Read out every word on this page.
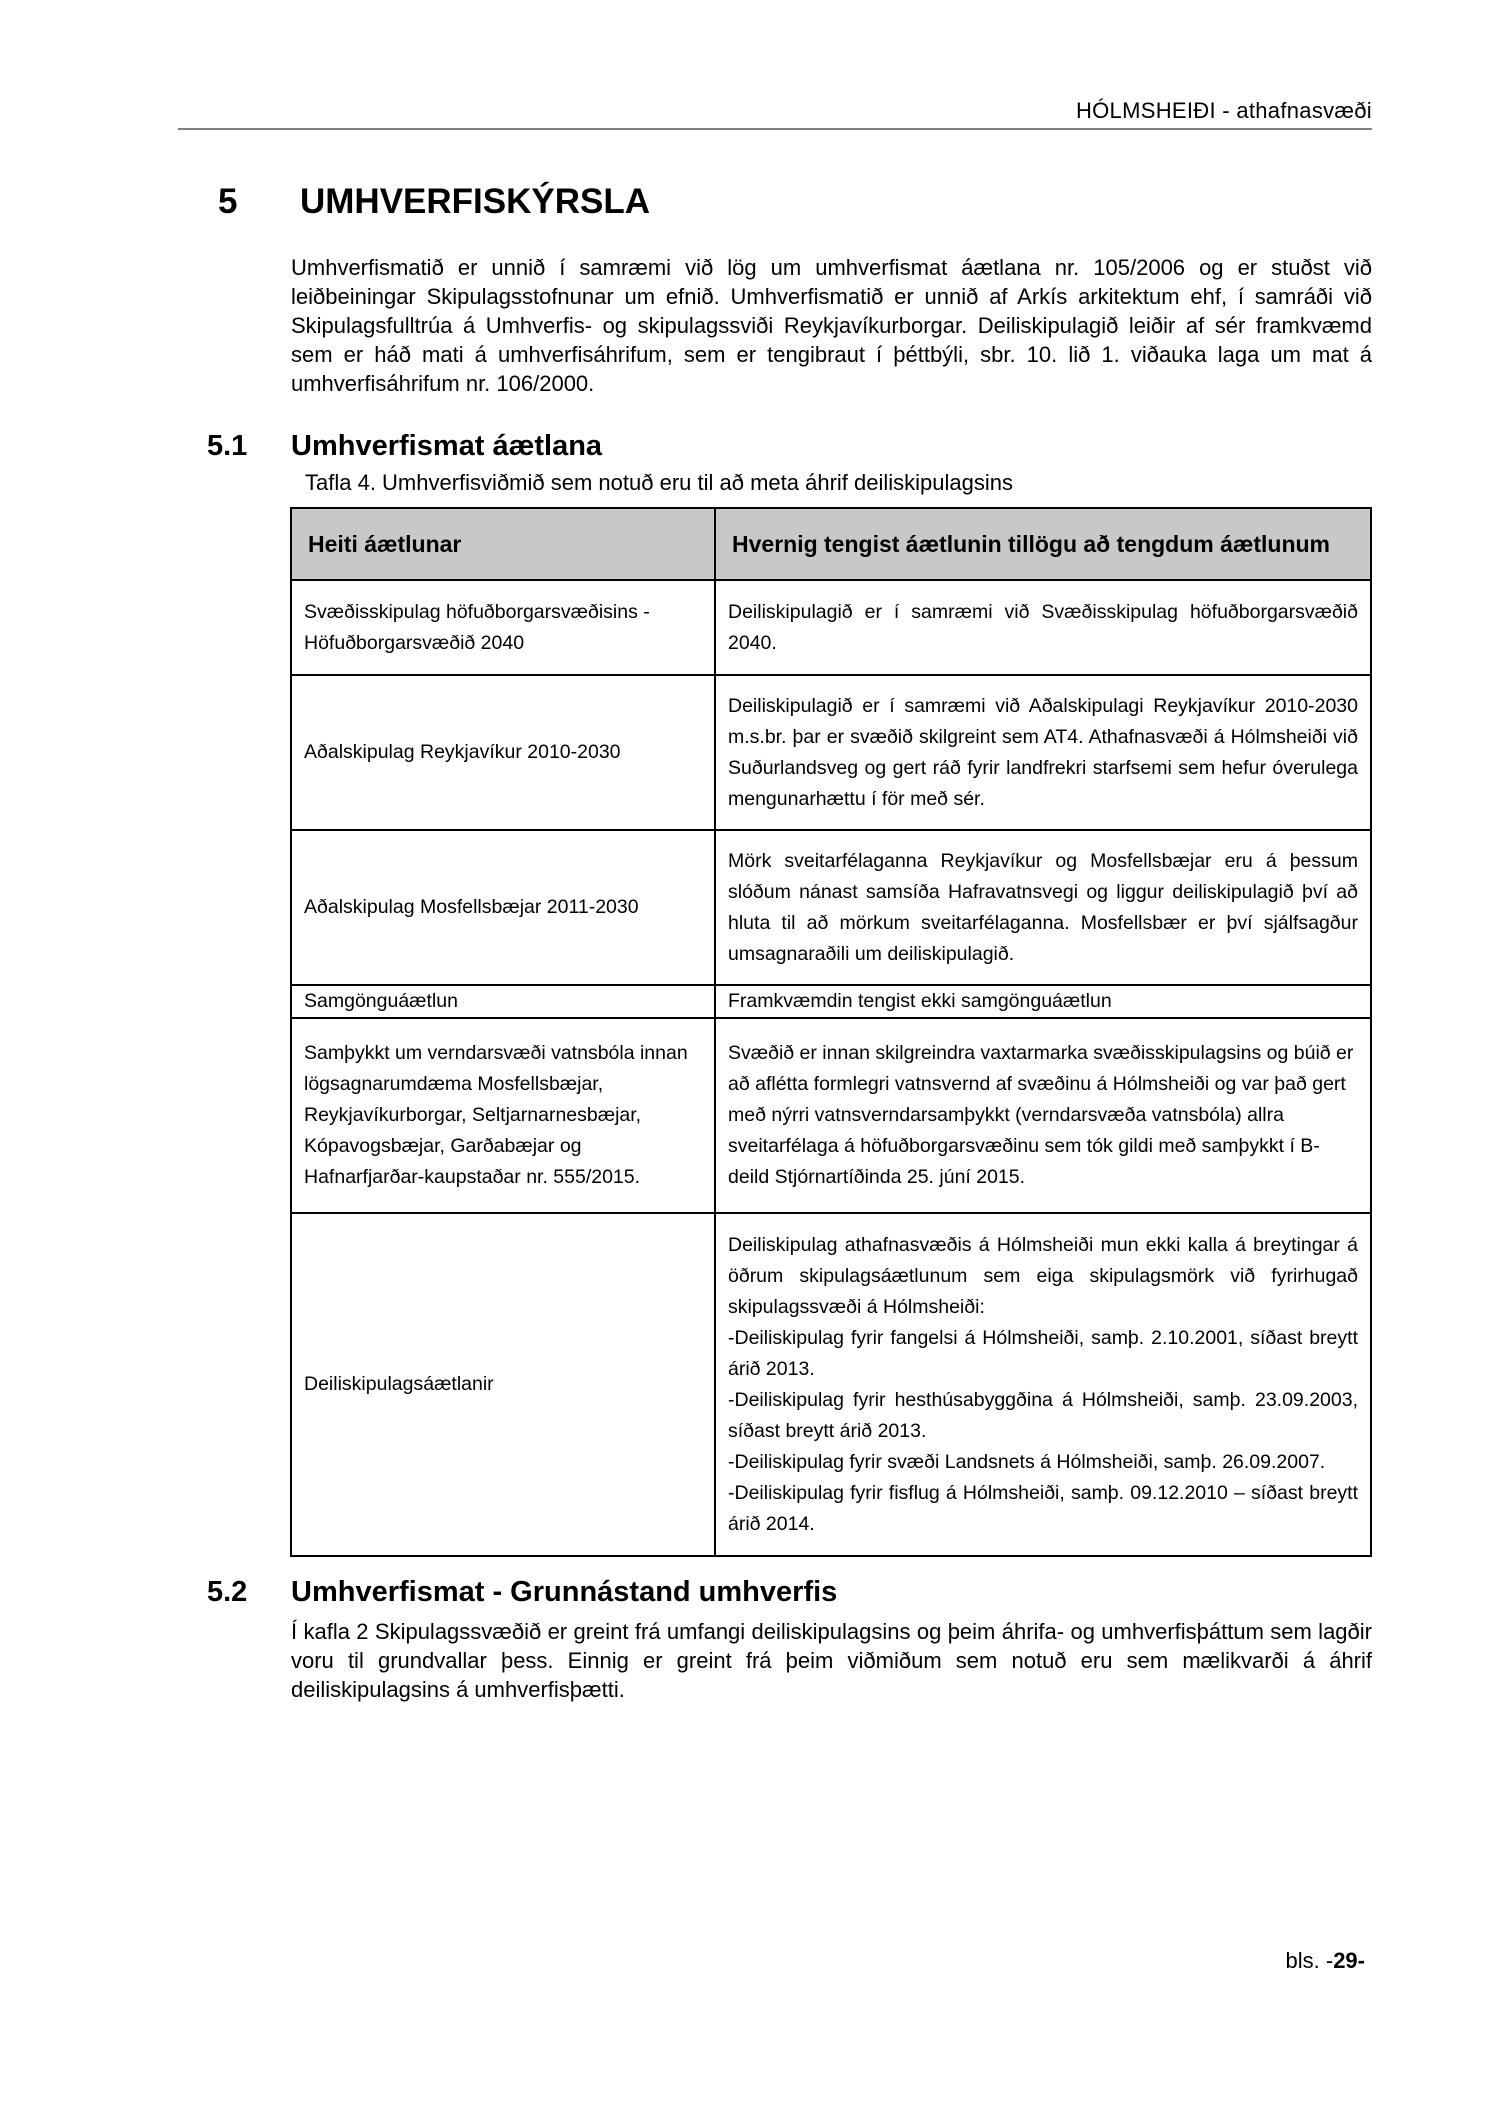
HÓLMSHEIÐI - athafnasvæði
5 UMHVERFISKÝRSLA
Umhverfismatið er unnið í samræmi við lög um umhverfismat áætlana nr. 105/2006 og er stuðst við leiðbeiningar Skipulagsstofnunar um efnið. Umhverfismatið er unnið af Arkís arkitektum ehf, í samráði við Skipulagsfulltrúa á Umhverfis- og skipulagssviði Reykjavíkurborgar. Deiliskipulagið leiðir af sér framkvæmd sem er háð mati á umhverfisáhrifum, sem er tengibraut í þéttbýli, sbr. 10. lið 1. viðauka laga um mat á umhverfisáhrifum nr. 106/2000.
5.1 Umhverfismat áætlana
Tafla 4. Umhverfisviðmið sem notuð eru til að meta áhrif deiliskipulagsins
Heiti áætlunar	Hvernig tengist áætlunin tillögu að tengdum áætlunum
Svæðisskipulag höfuðborgarsvæðisins - Höfuðborgarsvæðið 2040	Deiliskipulagið er í samræmi við Svæðisskipulag höfuðborgarsvæðið 2040.
Aðalskipulag Reykjavíkur 2010-2030	Deiliskipulagið er í samræmi við Aðalskipulagi Reykjavíkur 2010-2030 m.s.br. þar er svæðið skilgreint sem AT4. Athafnasvæði á Hólmsheiði við Suðurlandsveg og gert ráð fyrir landfrekri starfsemi sem hefur óverulega mengunarhættu í för með sér.
Aðalskipulag Mosfellsbæjar 2011-2030	Mörk sveitarfélaganna Reykjavíkur og Mosfellsbæjar eru á þessum slóðum nánast samsíða Hafravatnsvegi og liggur deiliskipulagið því að hluta til að mörkum sveitarfélaganna. Mosfellsbær er því sjálfsagður umsagnaraðili um deiliskipulagið.
Samgönguáætlun	Framkvæmdin tengist ekki samgönguáætlun
Samþykkt um verndarsvæði vatnsbóla innan lögsagnarumdæma Mosfellsbæjar, Reykjavíkurborgar, Seltjarnarnesbæjar, Kópavogsbæjar, Garðabæjar og Hafnarfjarðar-kaupstaðar nr. 555/2015.	Svæðið er innan skilgreindra vaxtarmarka svæðisskipulagsins og búið er að aflétta formlegri vatnsvernd af svæðinu á Hólmsheiði og var það gert með nýrri vatnsverndarsamþykkt (verndarsvæða vatnsbóla) allra sveitarfélaga á höfuðborgarsvæðinu sem tók gildi með samþykkt í B-deild Stjórnartíðinda 25. júní 2015.
Deiliskipulagsáætlanir	Deiliskipulag athafnasvæðis á Hólmsheiði mun ekki kalla á breytingar á öðrum skipulagsáætlunum sem eiga skipulagsmörk við fyrirhugað skipulagssvæði á Hólmsheiði:
-Deiliskipulag fyrir fangelsi á Hólmsheiði, samþ. 2.10.2001, síðast breytt árið 2013.
-Deiliskipulag fyrir hesthúsabyggðina á Hólmsheiði, samþ. 23.09.2003, síðast breytt árið 2013.
-Deiliskipulag fyrir svæði Landsnets á Hólmsheiði, samþ. 26.09.2007.
-Deiliskipulag fyrir fisflug á Hólmsheiði, samþ. 09.12.2010 – síðast breytt árið 2014.
5.2 Umhverfismat - Grunnástand umhverfis
Í kafla 2 Skipulagssvæðið er greint frá umfangi deiliskipulagsins og þeim áhrifa- og umhverfisþáttum sem lagðir voru til grundvallar þess. Einnig er greint frá þeim viðmiðum sem notuð eru sem mælikvarði á áhrif deiliskipulagsins á umhverfisþætti.
bls. -29-
